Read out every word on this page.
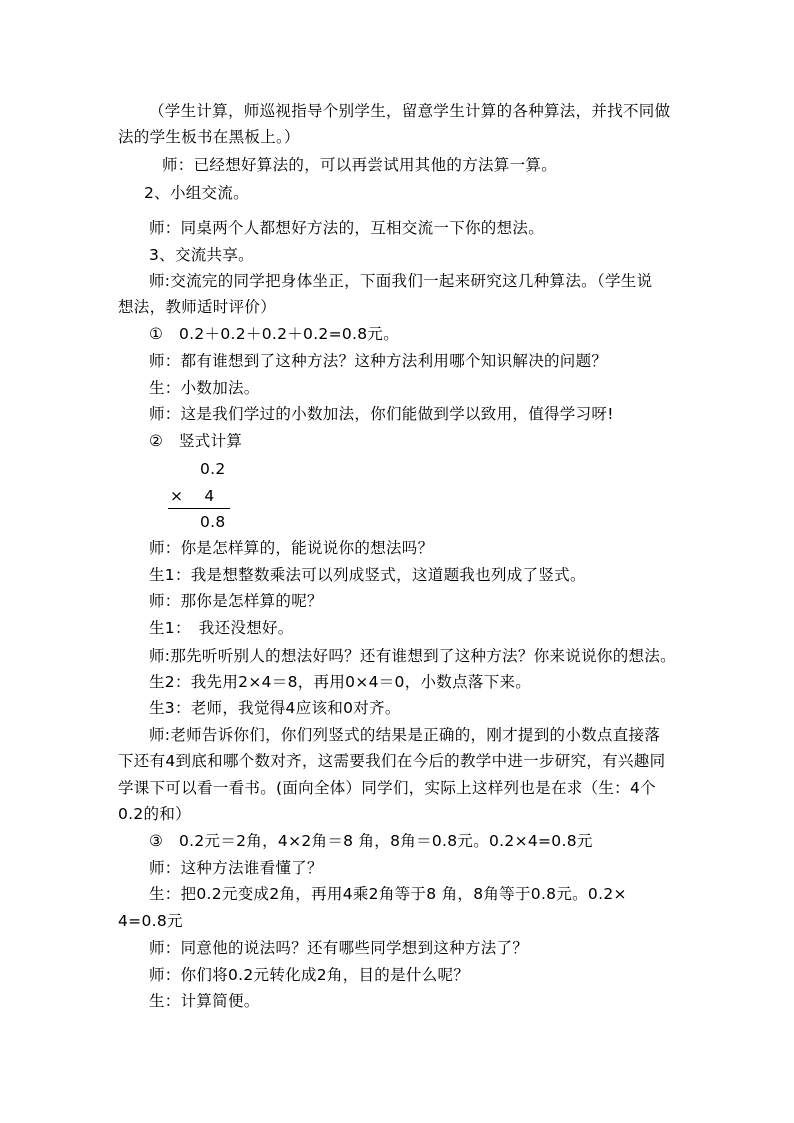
（学生计算，师巡视指导个别学生，留意学生计算的各种算法，并找不同做
法的学生板书在黑板上。）
师：已经想好算法的，可以再尝试用其他的方法算一算。
2、小组交流。
师：同桌两个人都想好方法的，互相交流一下你的想法。
3、交流共享。
师:交流完的同学把身体坐正，下面我们一起来研究这几种算法。（学生说
想法，教师适时评价）
①　0.2＋0.2＋0.2＋0.2=0.8元。
师：都有谁想到了这种方法？这种方法利用哪个知识解决的问题？
生：小数加法。
师：这是我们学过的小数加法，你们能做到学以致用，值得学习呀!
②　竖式计算
0.2
×　 4
0.8
师：你是怎样算的，能说说你的想法吗？
生1：我是想整数乘法可以列成竖式，这道题我也列成了竖式。
师：那你是怎样算的呢？
生1：　我还没想好。
师:那先听听别人的想法好吗？还有谁想到了这种方法？你来说说你的想法。
生2：我先用2×4＝8，再用0×4＝0，小数点落下来。
生3：老师，我觉得4应该和0对齐。
师:老师告诉你们，你们列竖式的结果是正确的，刚才提到的小数点直接落
下还有4到底和哪个数对齐，这需要我们在今后的教学中进一步研究，有兴趣同
学课下可以看一看书。(面向全体）同学们，实际上这样列也是在求（生：4个
0.2的和）
③　0.2元＝2角，4×2角＝8 角，8角＝0.8元。0.2×4=0.8元
师：这种方法谁看懂了？
生：把0.2元变成2角，再用4乘2角等于8 角，8角等于0.8元。0.2×
4=0.8元
师：同意他的说法吗？还有哪些同学想到这种方法了？
师：你们将0.2元转化成2角，目的是什么呢？
生：计算简便。
